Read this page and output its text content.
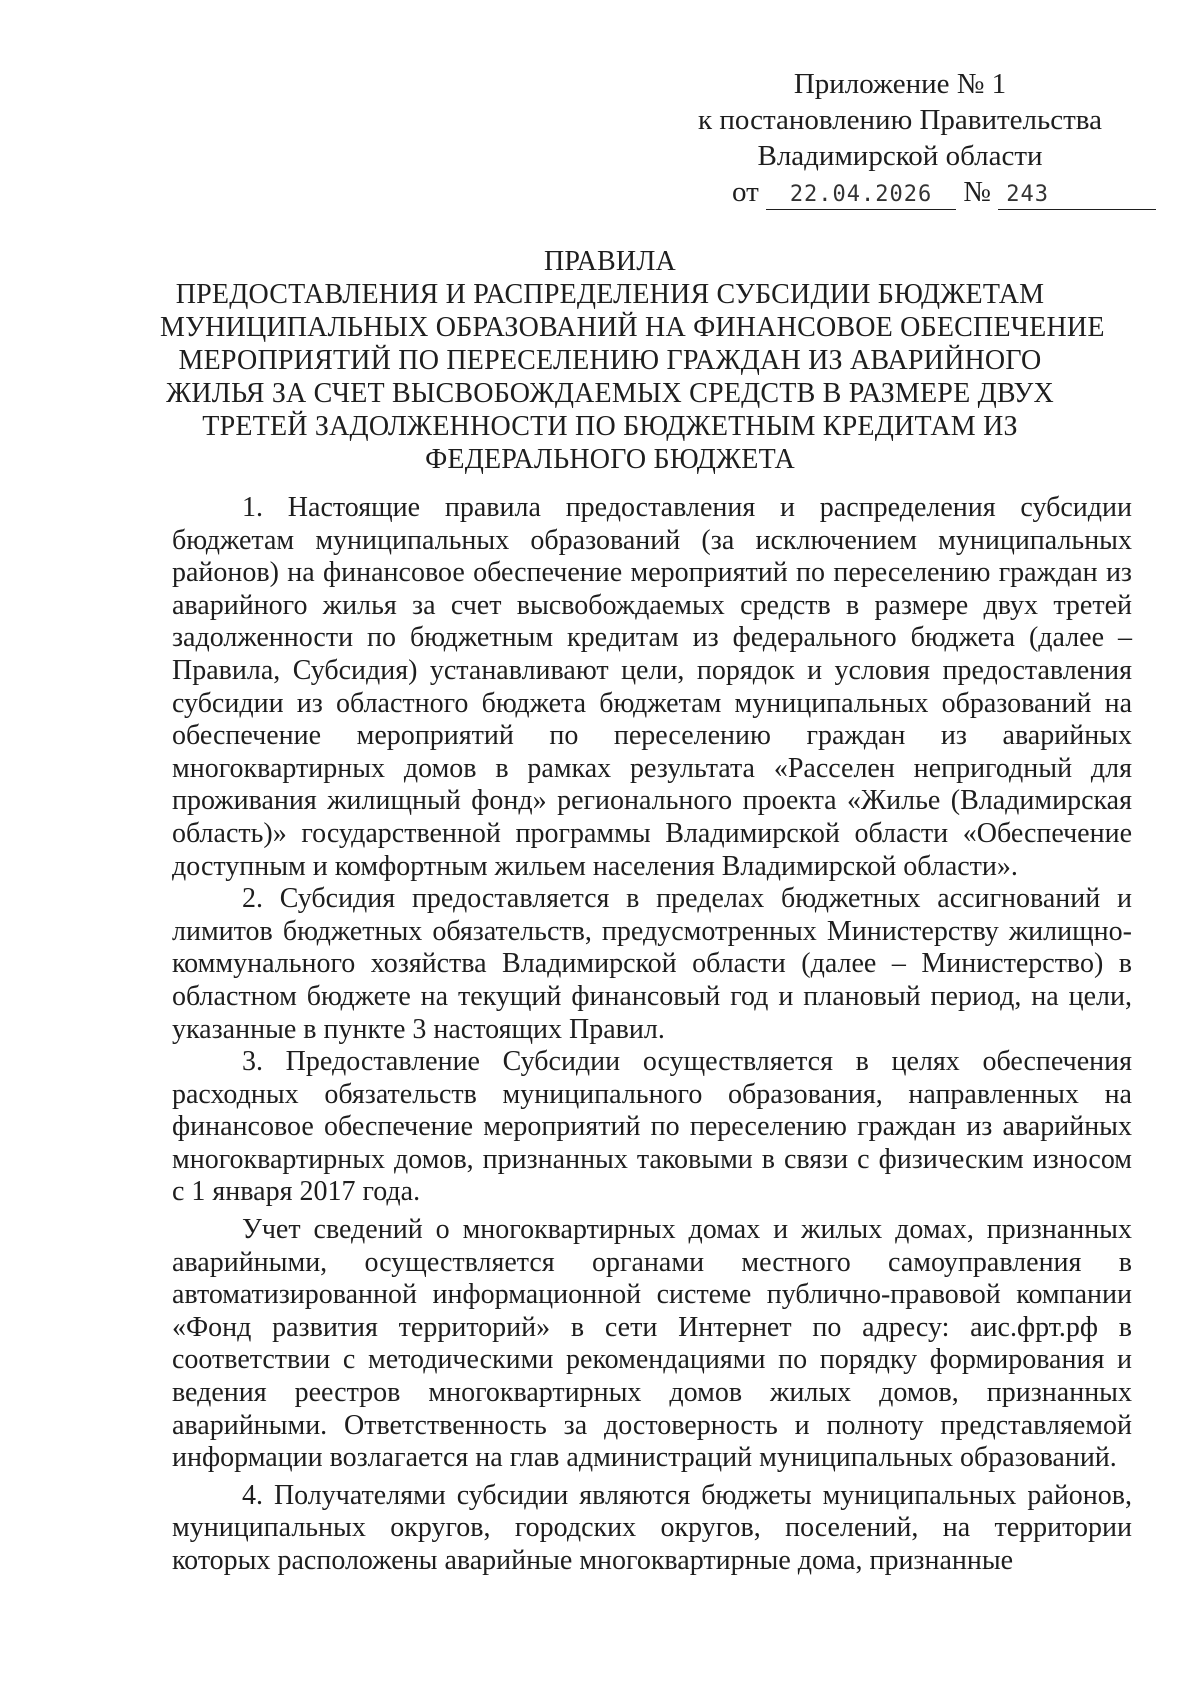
Приложение № 1
к постановлению Правительства
Владимирской области
от 22.04.2026 № 243
ПРАВИЛА
ПРЕДОСТАВЛЕНИЯ И РАСПРЕДЕЛЕНИЯ СУБСИДИИ БЮДЖЕТАМ
МУНИЦИПАЛЬНЫХ ОБРАЗОВАНИЙ НА ФИНАНСОВОЕ ОБЕСПЕЧЕНИЕ
МЕРОПРИЯТИЙ ПО ПЕРЕСЕЛЕНИЮ ГРАЖДАН ИЗ АВАРИЙНОГО
ЖИЛЬЯ ЗА СЧЕТ ВЫСВОБОЖДАЕМЫХ СРЕДСТВ В РАЗМЕРЕ ДВУХ
ТРЕТЕЙ ЗАДОЛЖЕННОСТИ ПО БЮДЖЕТНЫМ КРЕДИТАМ ИЗ
ФЕДЕРАЛЬНОГО БЮДЖЕТА

1. Настоящие правила предоставления и распределения субсидии бюджетам муниципальных образований (за исключением муниципальных районов) на финансовое обеспечение мероприятий по переселению граждан из аварийного жилья за счет высвобождаемых средств в размере двух третей задолженности по бюджетным кредитам из федерального бюджета (далее – Правила, Субсидия) устанавливают цели, порядок и условия предоставления субсидии из областного бюджета бюджетам муниципальных образований на обеспечение мероприятий по переселению граждан из аварийных многоквартирных домов в рамках результата «Расселен непригодный для проживания жилищный фонд» регионального проекта «Жилье (Владимирская область)» государственной программы Владимирской области «Обеспечение доступным и комфортным жильем населения Владимирской области».

2. Субсидия предоставляется в пределах бюджетных ассигнований и лимитов бюджетных обязательств, предусмотренных Министерству жилищно-коммунального хозяйства Владимирской области (далее – Министерство) в областном бюджете на текущий финансовый год и плановый период, на цели, указанные в пункте 3 настоящих Правил.

3. Предоставление Субсидии осуществляется в целях обеспечения расходных обязательств муниципального образования, направленных на финансовое обеспечение мероприятий по переселению граждан из аварийных многоквартирных домов, признанных таковыми в связи с физическим износом с 1 января 2017 года.

Учет сведений о многоквартирных домах и жилых домах, признанных аварийными, осуществляется органами местного самоуправления в автоматизированной информационной системе публично-правовой компании «Фонд развития территорий» в сети Интернет по адресу: аис.фрт.рф в соответствии с методическими рекомендациями по порядку формирования и ведения реестров многоквартирных домов жилых домов, признанных аварийными. Ответственность за достоверность и полноту представляемой информации возлагается на глав администраций муниципальных образований.

4. Получателями субсидии являются бюджеты муниципальных районов, муниципальных округов, городских округов, поселений, на территории которых расположены аварийные многоквартирные дома, признанные
